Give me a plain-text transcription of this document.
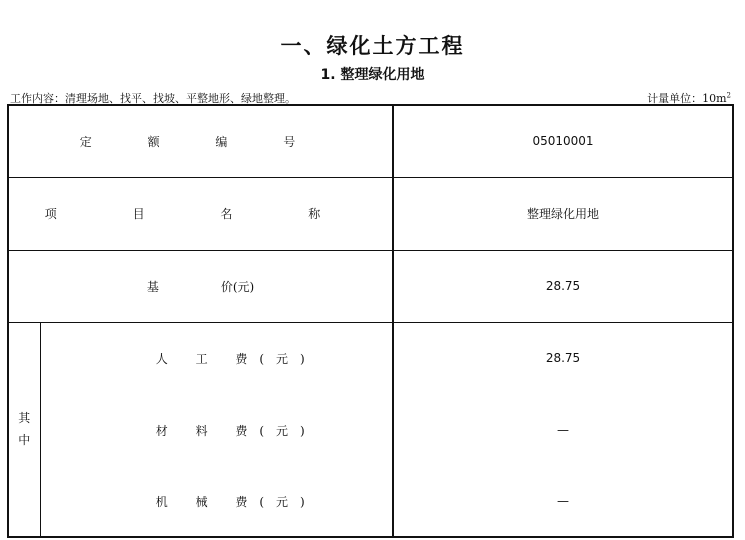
一、绿化土方工程
1. 整理绿化用地
工作内容：清理场地、找平、找坡、平整地形、绿地整理。	计量单位：$10m^2$
定 额 编 号		05010001
项 目 名 称		整理绿化用地
基 价(元)		28.75

其
中	人 工 费(元)	28.75
	材 料 费(元)	—
	机 械 费(元)	—
